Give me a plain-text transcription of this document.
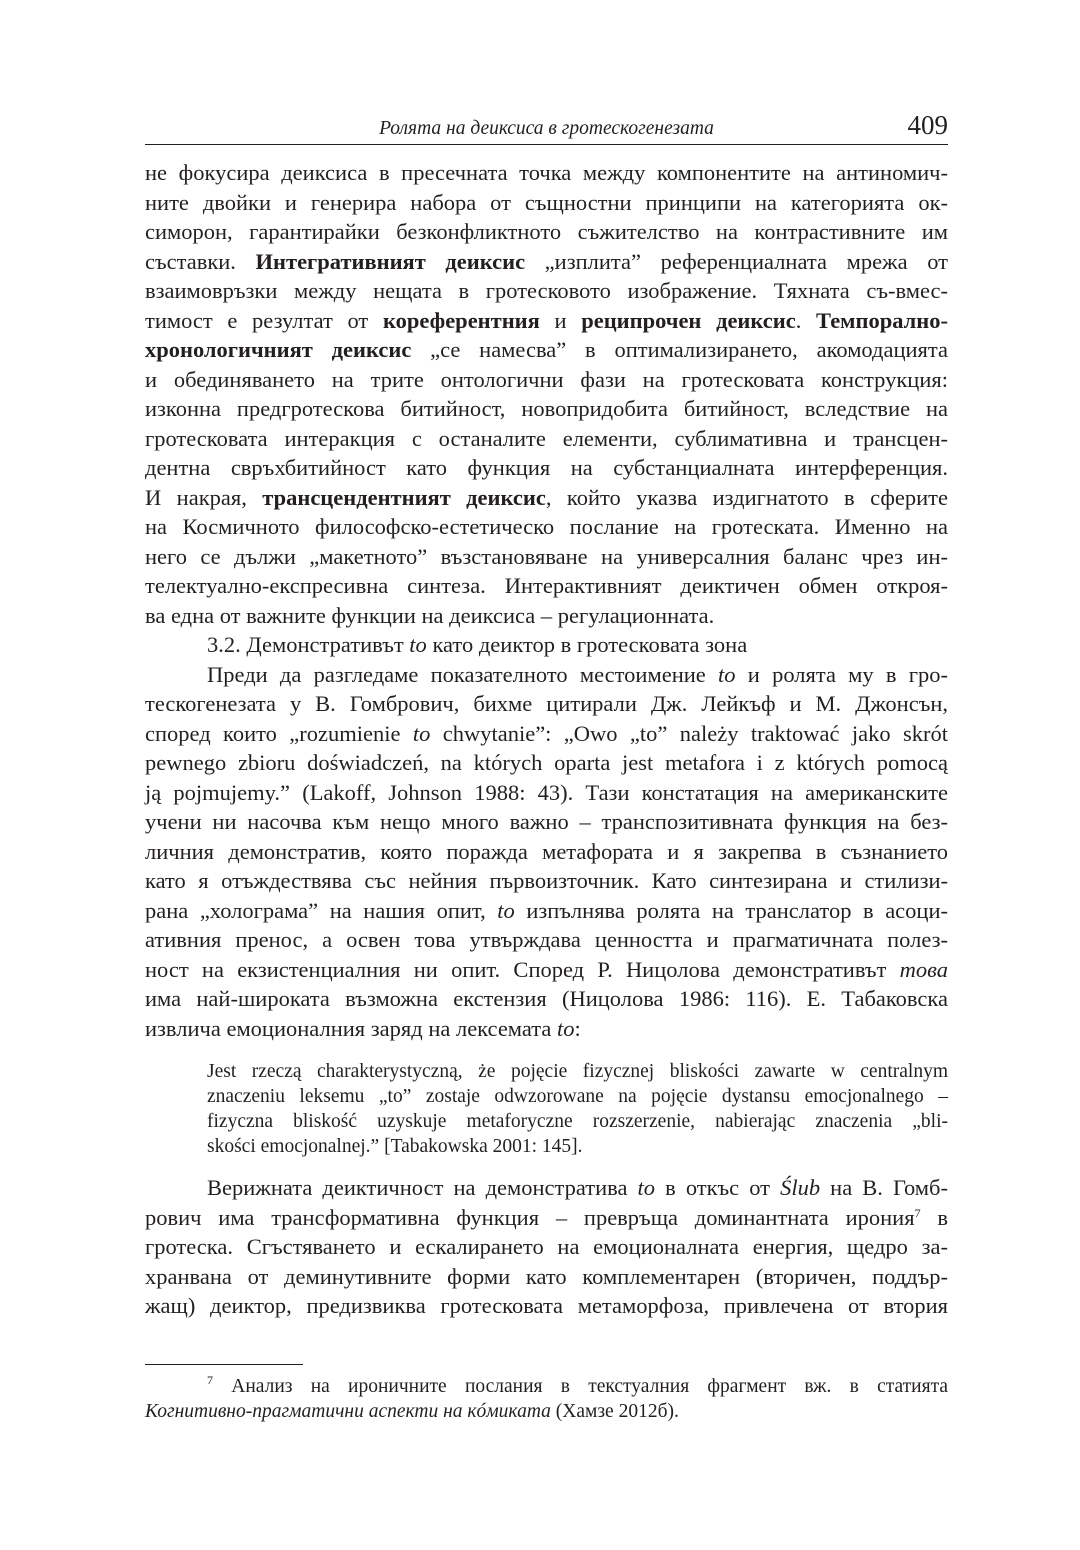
Ролята на деиксиса в гротескогенезата	409

не фокусира деиксиса в пресечната точка между компонентите на антиномич-

ните двойки и генерира набора от същностни принципи на категорията ок-

симорон, гарантирайки безконфликтното съжителство на контрастивните им

съставки. Интегративният деиксис „изплита” референциалната мрежа от

взаимовръзки между нещата в гротесковото изображение. Тяхната съ-вмес-

тимост е резултат от кореферентния и реципрочен деиксис. Темпорално-

хронологичният деиксис „се намесва” в оптимализирането, акомодацията

и обединяването на трите онтологични фази на гротесковата конструкция:

изконна предгротескова битийност, новопридобита битийност, вследствие на

гротесковата интеракция с останалите елементи, сублимативна и трансцен-

дентна свръхбитийност като функция на субстанциалната интерференция.

И накрая, трансцендентният деиксис, който указва издигнатото в сферите

на Космичното философско-естетическо послание на гротеската. Именно на

него се дължи „макетното” възстановяване на универсалния баланс чрез ин-

телектуално-експресивна синтеза. Интерактивният деиктичен обмен откроя-

ва една от важните функции на деиксиса – регулационната.

3.2. Демонстративът to като деиктор в гротесковата зона

Преди да разгледаме показателното местоимение to и ролята му в гро-

тескогенезата у В. Гомбрович, бихме цитирали Дж. Лейкъф и М. Джонсън,

според които „rozumienie to chwytanie”: „Owo „to” należy traktować jako skrót

pewnego zbioru doświadczeń, na których oparta jest metafora i z których pomocą

ją pojmujemy.” (Lakoff, Johnson 1988: 43). Тази констатация на американските

учени ни насочва към нещо много важно – транспозитивната функция на без-

личния демонстратив, която поражда метафората и я закрепва в съзнанието

като я отъждествява със нейния първоизточник. Като синтезирана и стилизи-

рана „холограма” на нашия опит, to изпълнява ролята на транслатор в асоци-

ативния пренос, а освен това утвърждава ценността и прагматичната полез-

ност на екзистенциалния ни опит. Според Р. Ницолова демонстративът това

има най-широката възможна екстензия (Ницолова 1986: 116). Е. Табаковска

извлича емоционалния заряд на лексемата to:

Jest rzeczą charakterystyczną, że pojęcie fizycznej bliskości zawarte w centralnym

znaczeniu leksemu „to” zostaje odwzorowane na pojęcie dystansu emocjonalnego –

fizyczna bliskość uzyskuje metaforyczne rozszerzenie, nabierając znaczenia „bli-

skości emocjonalnej.” [Tabakowska 2001: 145].

Верижната деиктичност на демонстратива to в откъс от Ślub на В. Гомб-

рович има трансформативна функция – превръща доминантната ирония$^7$ в

гротеска. Сгъстяването и ескалирането на емоционалната енергия, щедро за-

хранвана от деминутивните форми като комплементарен (вторичен, поддър-

жащ) деиктор, предизвиква гротесковата метаморфоза, привлечена от втория

$^7$ Анализ на ироничните послания в текстуалния фрагмент вж. в статията

Когнитивно-прагматични аспекти на кóмиката (Хамзе 2012б).
